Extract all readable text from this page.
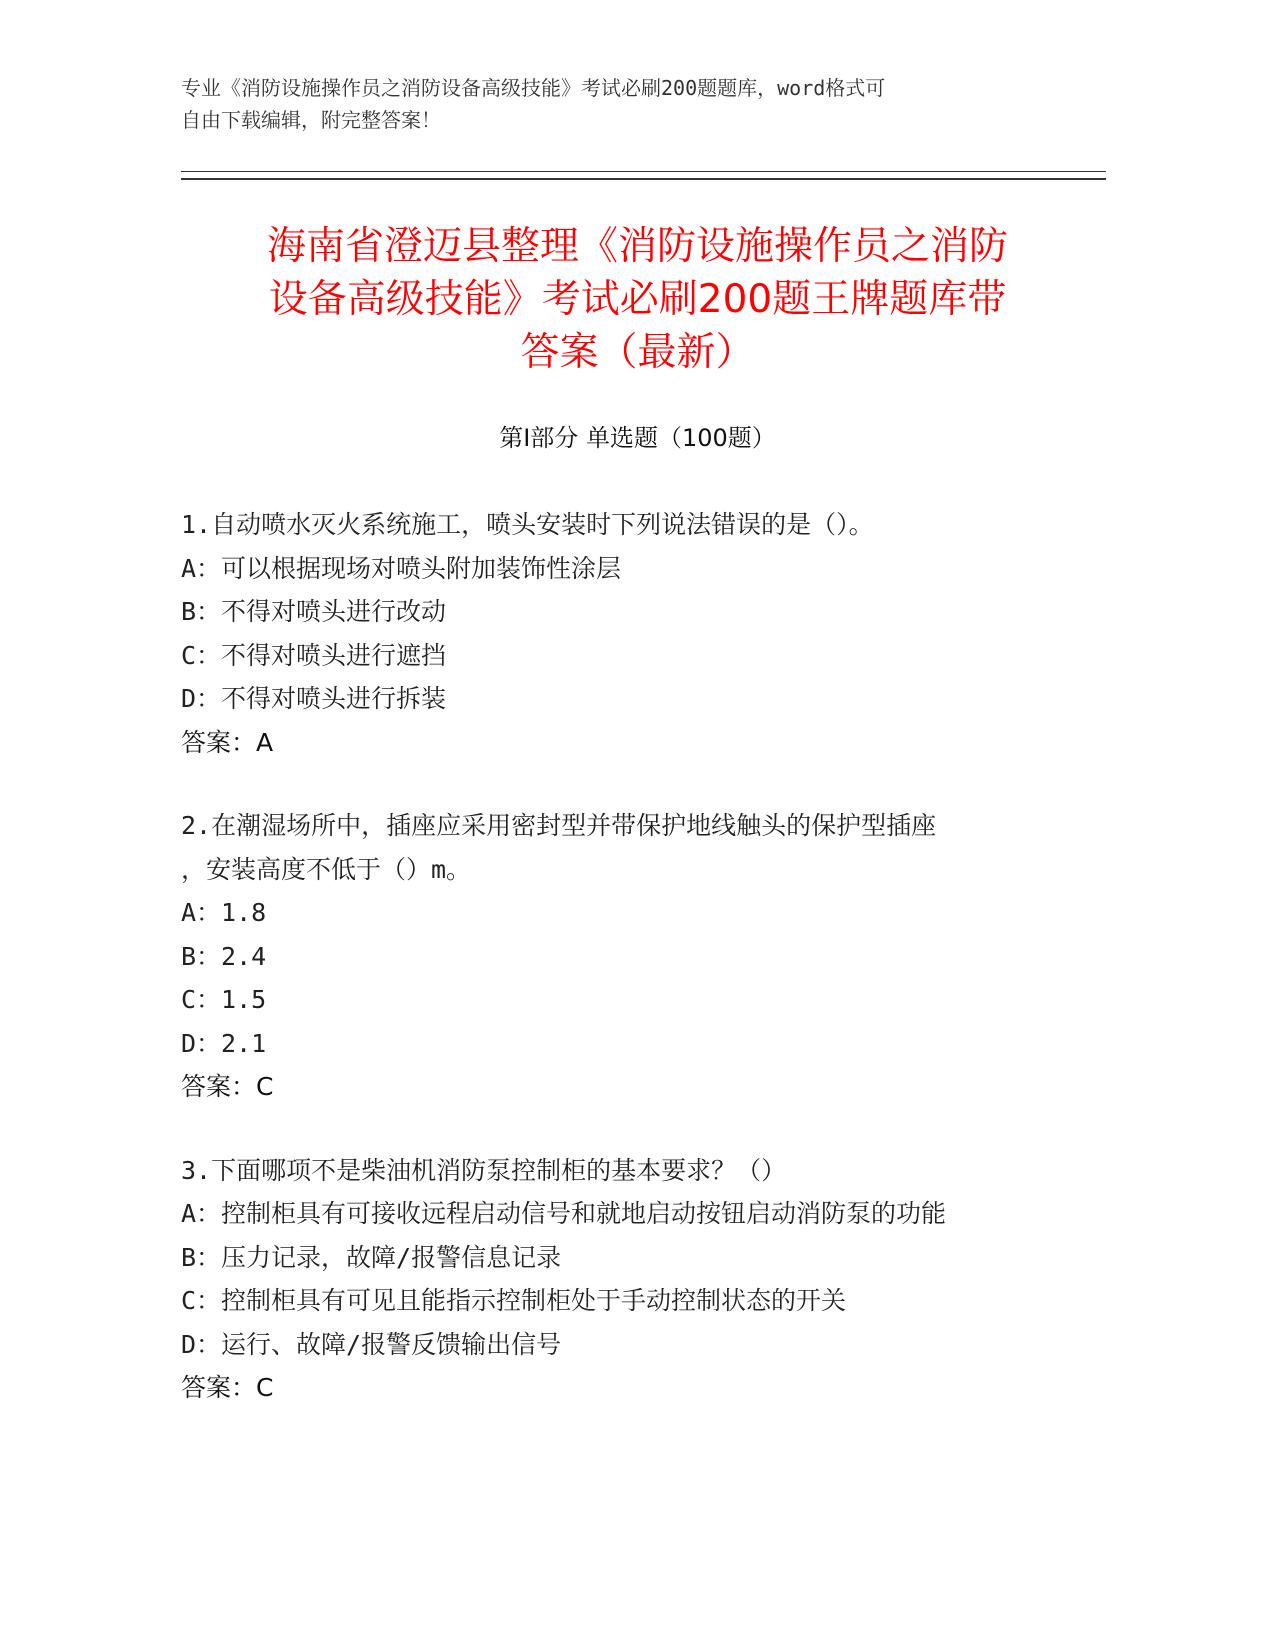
专业《消防设施操作员之消防设备高级技能》考试必刷200题题库，word格式可
自由下载编辑，附完整答案！
海南省澄迈县整理《消防设施操作员之消防
设备高级技能》考试必刷200题王牌题库带
答案（最新）
第Ⅰ部分 单选题（100题）
1.自动喷水灭火系统施工，喷头安装时下列说法错误的是（）。
A：可以根据现场对喷头附加装饰性涂层
B：不得对喷头进行改动
C：不得对喷头进行遮挡
D：不得对喷头进行拆装
答案：A
2.在潮湿场所中，插座应采用密封型并带保护地线触头的保护型插座
，安装高度不低于（）m。
A：1.8
B：2.4
C：1.5
D：2.1
答案：C
3.下面哪项不是柴油机消防泵控制柜的基本要求？（）
A：控制柜具有可接收远程启动信号和就地启动按钮启动消防泵的功能
B：压力记录，故障/报警信息记录
C：控制柜具有可见且能指示控制柜处于手动控制状态的开关
D：运行、故障/报警反馈输出信号
答案：C
